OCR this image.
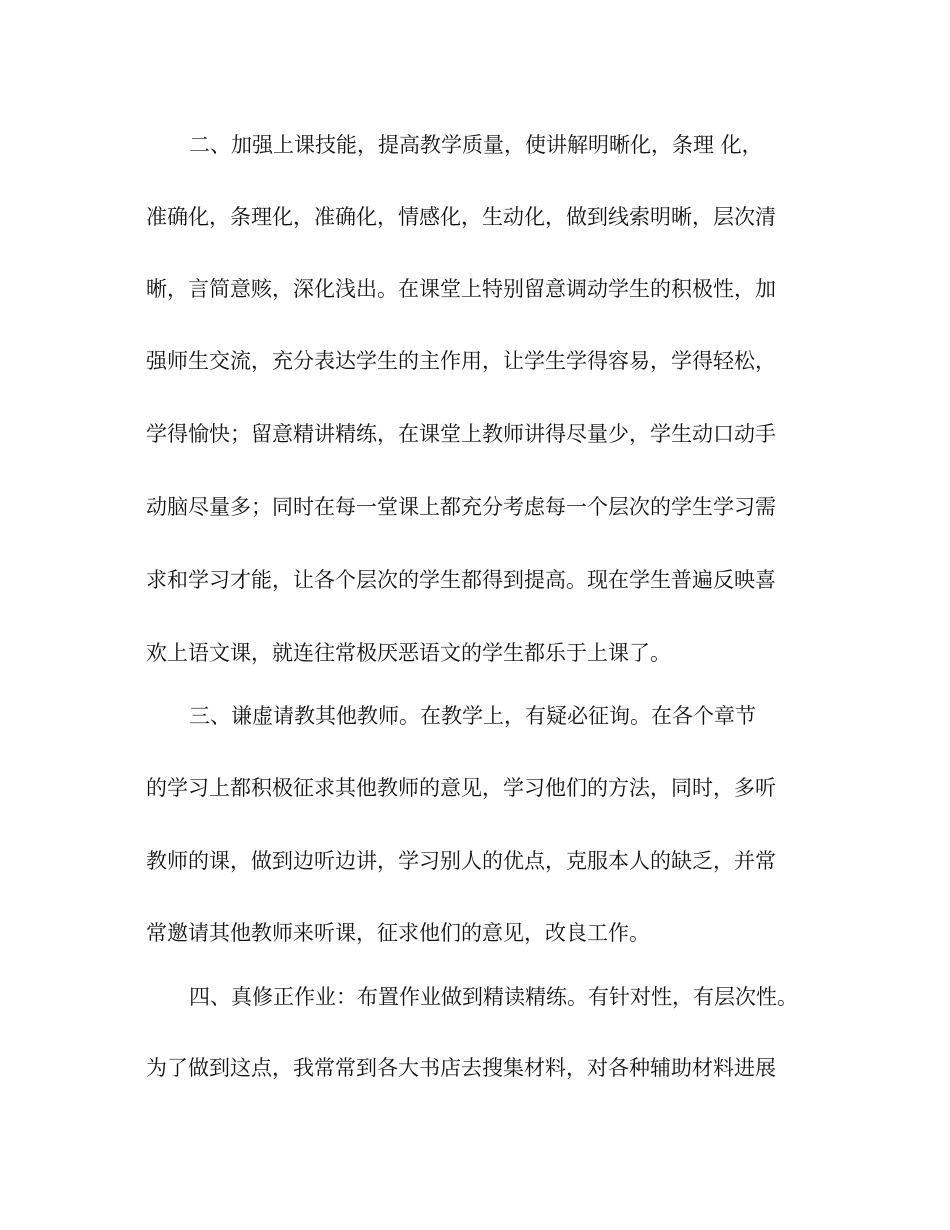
二、加强上课技能，提高教学质量，使讲解明晰化，条理 化，

准确化，条理化，准确化，情感化，生动化，做到线索明晰，层次清

晰，言简意赅，深化浅出。在课堂上特别留意调动学生的积极性，加

强师生交流，充分表达学生的主作用，让学生学得容易，学得轻松，

学得愉快；留意精讲精练，在课堂上教师讲得尽量少，学生动口动手

动脑尽量多；同时在每一堂课上都充分考虑每一个层次的学生学习需

求和学习才能，让各个层次的学生都得到提高。现在学生普遍反映喜

欢上语文课，就连往常极厌恶语文的学生都乐于上课了。

三、谦虚请教其他教师。在教学上，有疑必征询。在各个章节

的学习上都积极征求其他教师的意见，学习他们的方法，同时，多听

教师的课，做到边听边讲，学习别人的优点，克服本人的缺乏，并常

常邀请其他教师来听课，征求他们的意见，改良工作。

四、真修正作业：布置作业做到精读精练。有针对性，有层次性。

为了做到这点，我常常到各大书店去搜集材料，对各种辅助材料进展
